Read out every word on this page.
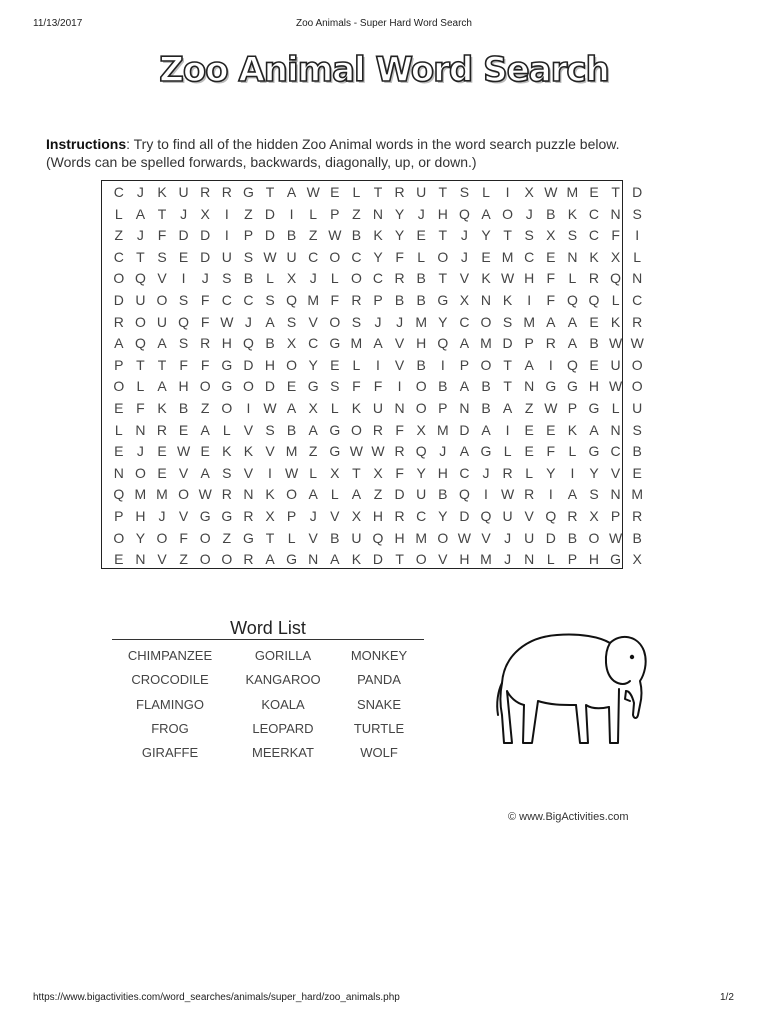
11/13/2017	Zoo Animals - Super Hard Word Search
Zoo Animal Word Search
Instructions: Try to find all of the hidden Zoo Animal words in the word search puzzle below.
(Words can be spelled forwards, backwards, diagonally, up, or down.)
C J K U R R G T A W E L T R U T S L	I	X W M E T D
L A T J X	I	Z D	I	L P Z N Y J H Q A O J B K C N S
Z J F D D	I	P D B Z W B K Y E T J Y T S X S C F	I
C T S E D U S W U C O C Y F L O J E M C E N K X L
O Q V	I	J S B L X J	L O C R B T V K W H F L R Q N
D U O S F C C S Q M F R P B B G X N K	I	F Q Q L C
R O U Q F W J A S V O S J	J M Y C O S M A A E K R
A Q A S R H Q B X C G M A V H Q A M D P R A B W W
P T T F F G D H O Y E L	I	V B	I	P O T A	I	Q E U O
O L A H O G O D E G S F F	I	O B A B T N G G H W O
E F K B Z O	I W A X L K U N O P N B A Z W P G L U
L N R E A L V S B A G O R F X M D A	I	E E K A N S
E J E W E K K V M Z G W W R Q J A G L E F L G C B
N O E V A S V	I W L X T X F Y H C J R L Y	I	Y V E
Q M M O W R N K O A L A Z D U B Q	I W R	I	A S N M
P H J V G G R X P J V X H R C Y D Q U V Q R X P R
O Y O F O Z G T L V B U Q H M O W V J U D B O W B
E N V Z O O R A G N A K D T O V H M J N L P H G X
Word List
CHIMPANZEE	GORILLA	MONKEY
CROCODILE	KANGAROO	PANDA
FLAMINGO	KOALA	SNAKE
FROG	LEOPARD	TURTLE
GIRAFFE	MEERKAT	WOLF
© www.BigActivities.com
https://www.bigactivities.com/word_searches/animals/super_hard/zoo_animals.php	1/2
